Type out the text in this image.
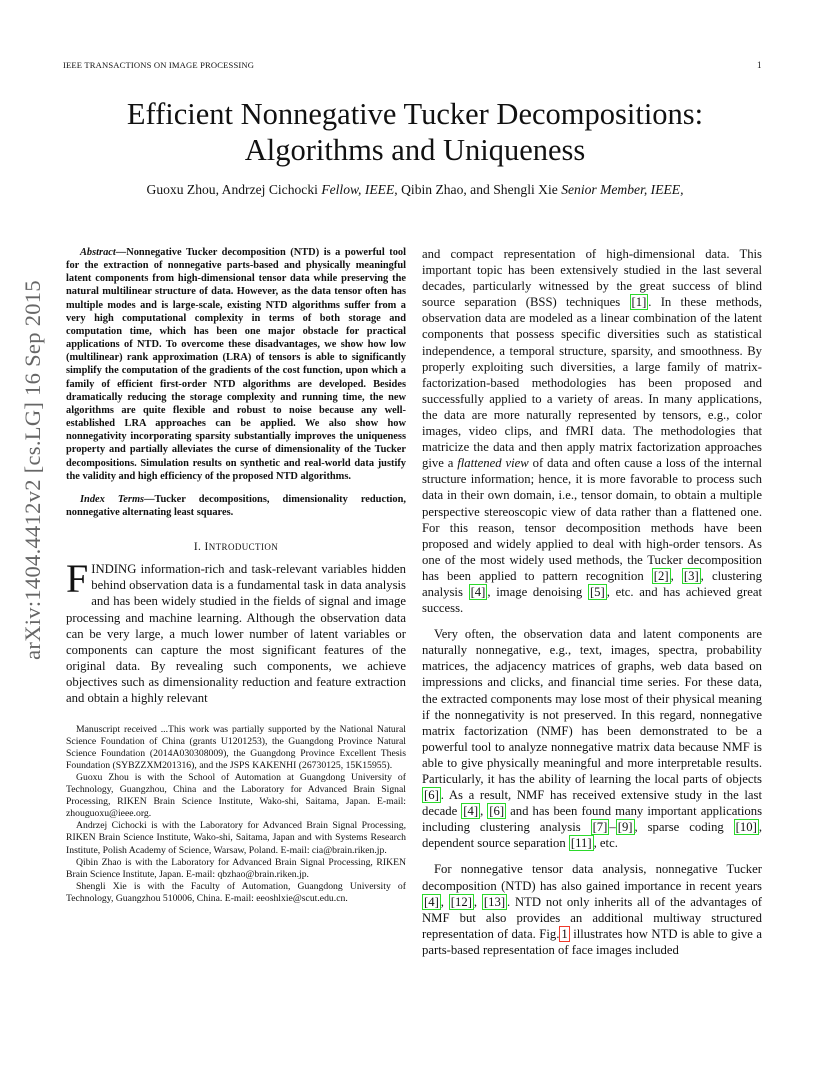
IEEE TRANSACTIONS ON IMAGE PROCESSING	1
arXiv:1404.4412v2 [cs.LG] 16 Sep 2015
Efficient Nonnegative Tucker Decompositions:
Algorithms and Uniqueness
Guoxu Zhou, Andrzej Cichocki Fellow, IEEE, Qibin Zhao, and Shengli Xie Senior Member, IEEE,

Abstract—Nonnegative Tucker decomposition (NTD) is a powerful tool for the extraction of nonnegative parts-based and physically meaningful latent components from high-dimensional tensor data while preserving the natural multilinear structure of data. However, as the data tensor often has multiple modes and is large-scale, existing NTD algorithms suffer from a very high computational complexity in terms of both storage and computation time, which has been one major obstacle for practical applications of NTD. To overcome these disadvantages, we show how low (multilinear) rank approximation (LRA) of tensors is able to significantly simplify the computation of the gradients of the cost function, upon which a family of efficient first-order NTD algorithms are developed. Besides dramatically reducing the storage complexity and running time, the new algorithms are quite flexible and robust to noise because any well-established LRA approaches can be applied. We also show how nonnegativity incorporating sparsity substantially improves the uniqueness property and partially alleviates the curse of dimensionality of the Tucker decompositions. Simulation results on synthetic and real-world data justify the validity and high efficiency of the proposed NTD algorithms.

Index Terms—Tucker decompositions, dimensionality reduction, nonnegative alternating least squares.

I. INTRODUCTION

FINDING information-rich and task-relevant variables hidden behind observation data is a fundamental task in data analysis and has been widely studied in the fields of signal and image processing and machine learning. Although the observation data can be very large, a much lower number of latent variables or components can capture the most significant features of the original data. By revealing such components, we achieve objectives such as dimensionality reduction and feature extraction and obtain a highly relevant

Manuscript received ...This work was partially supported by the National Natural Science Foundation of China (grants U1201253), the Guangdong Province Natural Science Foundation (2014A030308009), the Guangdong Province Excellent Thesis Foundation (SYBZZXM201316), and the JSPS KAKENHI (26730125, 15K15955).

Guoxu Zhou is with the School of Automation at Guangdong University of Technology, Guangzhou, China and the Laboratory for Advanced Brain Signal Processing, RIKEN Brain Science Institute, Wako-shi, Saitama, Japan. E-mail: zhouguoxu@ieee.org.

Andrzej Cichocki is with the Laboratory for Advanced Brain Signal Processing, RIKEN Brain Science Institute, Wako-shi, Saitama, Japan and with Systems Research Institute, Polish Academy of Science, Warsaw, Poland. E-mail: cia@brain.riken.jp.

Qibin Zhao is with the Laboratory for Advanced Brain Signal Processing, RIKEN Brain Science Institute, Japan. E-mail: qbzhao@brain.riken.jp.

Shengli Xie is with the Faculty of Automation, Guangdong University of Technology, Guangzhou 510006, China. E-mail: eeoshlxie@scut.edu.cn.

and compact representation of high-dimensional data. This important topic has been extensively studied in the last several decades, particularly witnessed by the great success of blind source separation (BSS) techniques [1] . In these methods, observation data are modeled as a linear combination of the latent components that possess specific diversities such as statistical independence, a temporal structure, sparsity, and smoothness. By properly exploiting such diversities, a large family of matrix-factorization-based methodologies has been proposed and successfully applied to a variety of areas. In many applications, the data are more naturally represented by tensors, e.g., color images, video clips, and fMRI data. The methodologies that matricize the data and then apply matrix factorization approaches give a flattened view of data and often cause a loss of the internal structure information; hence, it is more favorable to process such data in their own domain, i.e., tensor domain, to obtain a multiple perspective stereoscopic view of data rather than a flattened one. For this reason, tensor decomposition methods have been proposed and widely applied to deal with high-order tensors. As one of the most widely used methods, the Tucker decomposition has been applied to pattern recognition [2] , [3] , clustering analysis [4] , image denoising [5] , etc. and has achieved great success.

Very often, the observation data and latent components are naturally nonnegative, e.g., text, images, spectra, probability matrices, the adjacency matrices of graphs, web data based on impressions and clicks, and financial time series. For these data, the extracted components may lose most of their physical meaning if the nonnegativity is not preserved. In this regard, nonnegative matrix factorization (NMF) has been demonstrated to be a powerful tool to analyze nonnegative matrix data because NMF is able to give physically meaningful and more interpretable results. Particularly, it has the ability of learning the local parts of objects [6] . As a result, NMF has received extensive study in the last decade [4] , [6] and has been found many important applications including clustering analysis [7] – [9] , sparse coding [10] , dependent source separation [11] , etc.

For nonnegative tensor data analysis, nonnegative Tucker decomposition (NTD) has also gained importance in recent years [4] , [12] , [13] . NTD not only inherits all of the advantages of NMF but also provides an additional multiway structured representation of data. Fig. 1 illustrates how NTD is able to give a parts-based representation of face images included
